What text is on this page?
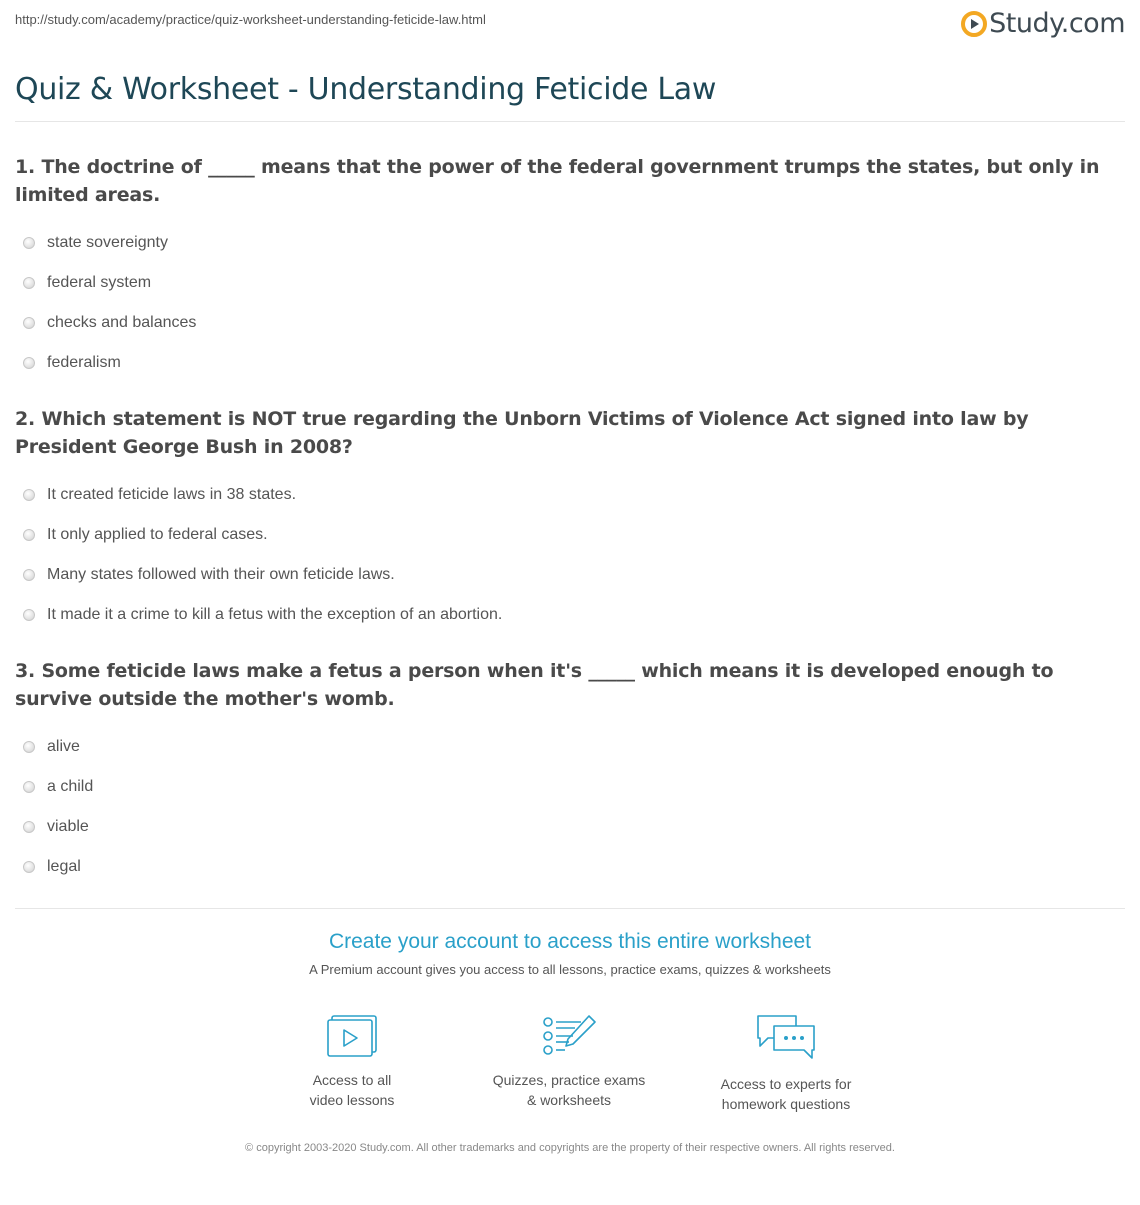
http://study.com/academy/practice/quiz-worksheet-understanding-feticide-law.html	Study.com
Quiz & Worksheet - Understanding Feticide Law
1. The doctrine of _____ means that the power of the federal government trumps the states, but only in limited areas.
state sovereignty
federal system
checks and balances
federalism
2. Which statement is NOT true regarding the Unborn Victims of Violence Act signed into law by President George Bush in 2008?
It created feticide laws in 38 states.
It only applied to federal cases.
Many states followed with their own feticide laws.
It made it a crime to kill a fetus with the exception of an abortion.
3. Some feticide laws make a fetus a person when it's _____ which means it is developed enough to survive outside the mother's womb.
alive
a child
viable
legal
Create your account to access this entire worksheet
A Premium account gives you access to all lessons, practice exams, quizzes & worksheets
Access to all
video lessons
Quizzes, practice exams
& worksheets
Access to experts for
homework questions
© copyright 2003-2020 Study.com. All other trademarks and copyrights are the property of their respective owners. All rights reserved.
